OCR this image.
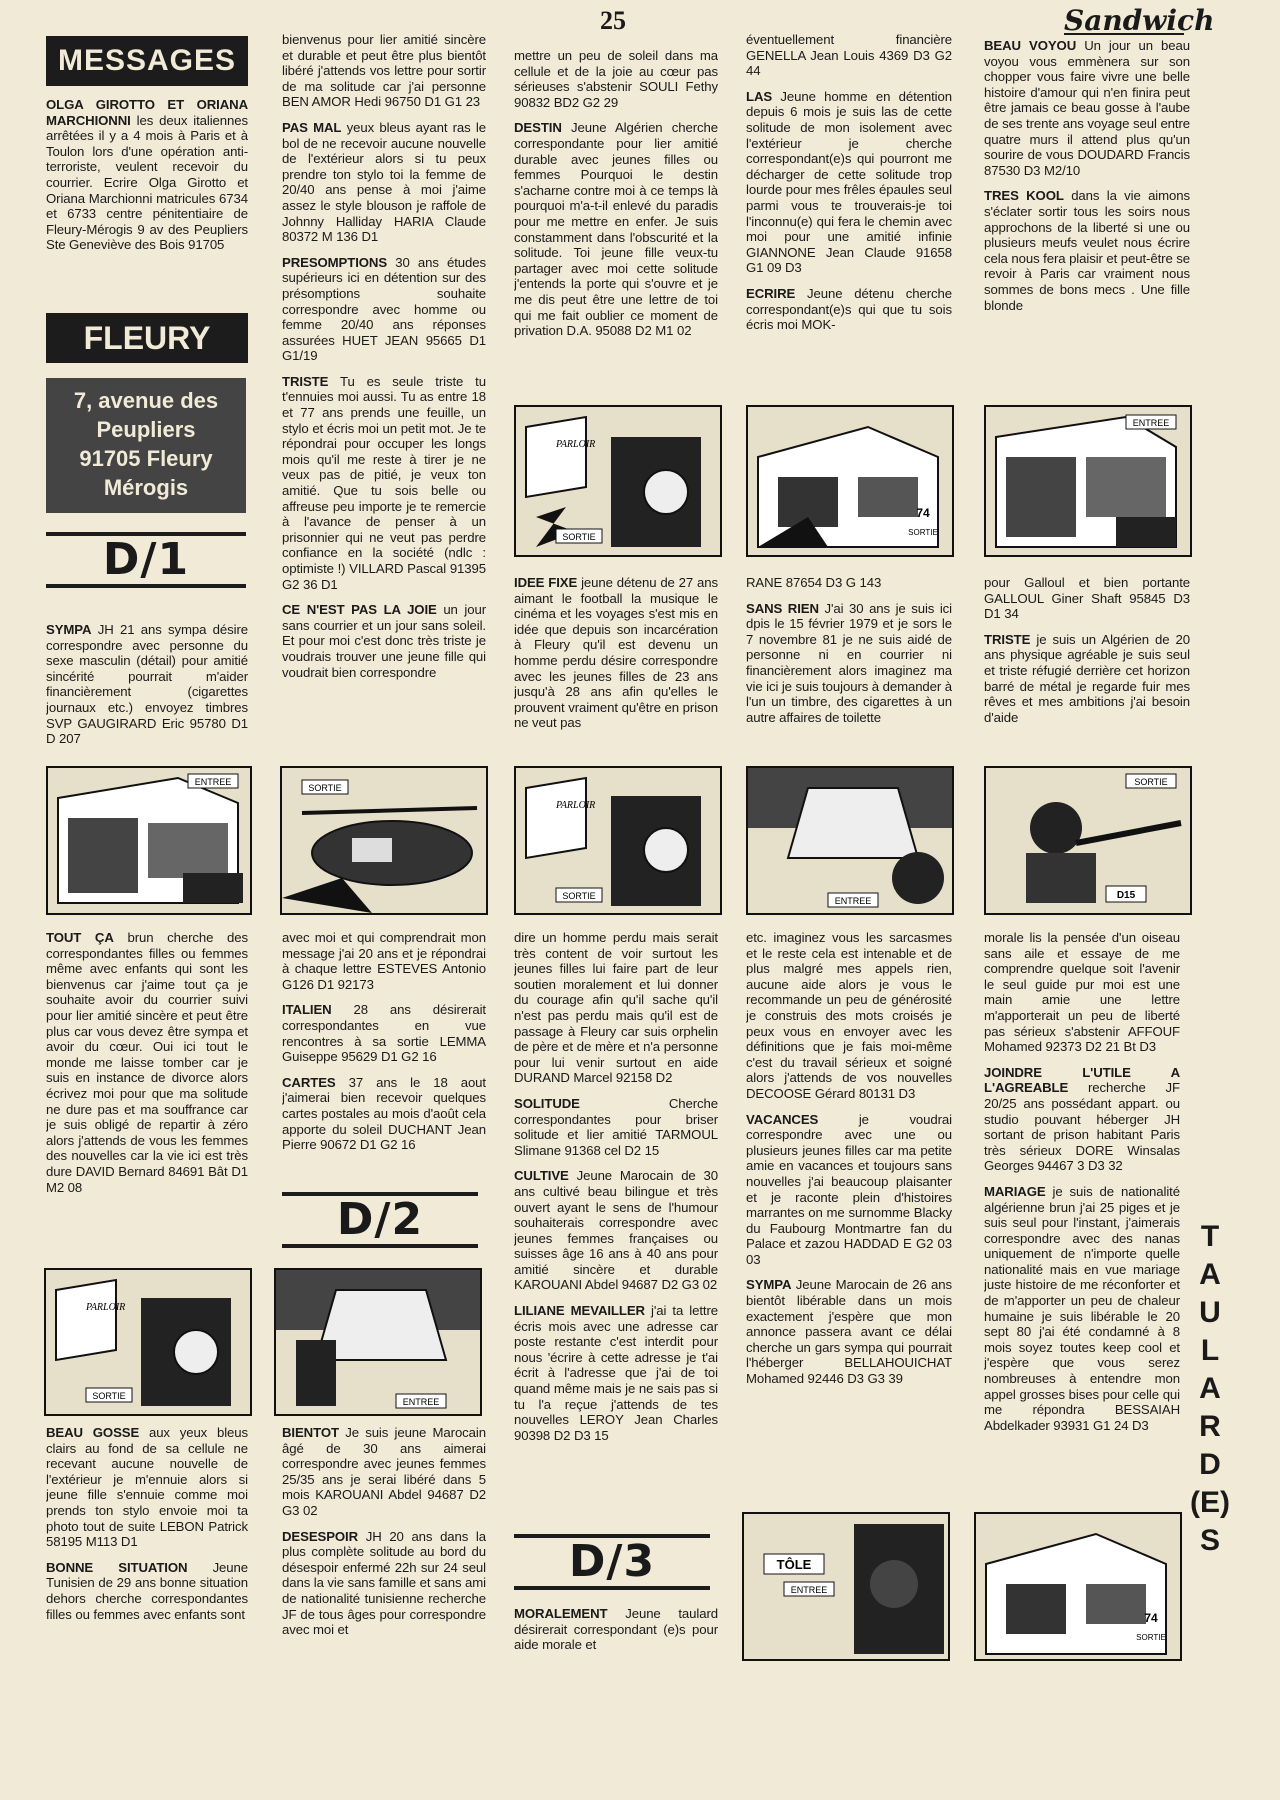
25	Sandwich
MESSAGES

OLGA GIROTTO ET ORIANA MARCHIONNI les deux italiennes arrêtées il y a 4 mois à Paris et à Toulon lors d'une opération anti-terroriste, veulent recevoir du courrier. Ecrire Olga Girotto et Oriana Marchionni matricules 6734 et 6733 centre pénitentiaire de Fleury-Mérogis 9 av des Peupliers Ste Geneviève des Bois 91705

FLEURY
7, avenue des
Peupliers
91705 Fleury
Mérogis
D/1

SYMPA JH 21 ans sympa désire correspondre avec personne du sexe masculin (détail) pour amitié sincérité pourrait m'aider financièrement (cigarettes journaux etc.) envoyez timbres SVP GAUGIRARD Eric 95780 D1 D 207

bienvenus pour lier amitié sincère et durable et peut être plus bientôt libéré j'attends vos lettre pour sortir de ma solitude car j'ai personne BEN AMOR Hedi 96750 D1 G1 23

PAS MAL yeux bleus ayant ras le bol de ne recevoir aucune nouvelle de l'extérieur alors si tu peux prendre ton stylo toi la femme de 20/40 ans pense à moi j'aime assez le style blouson je raffole de Johnny Halliday HARIA Claude 80372 M 136 D1

PRESOMPTIONS 30 ans études supérieurs ici en détention sur des présomptions souhaite correspondre avec homme ou femme 20/40 ans réponses assurées HUET JEAN 95665 D1 G1/19

TRISTE Tu es seule triste tu t'ennuies moi aussi. Tu as entre 18 et 77 ans prends une feuille, un stylo et écris moi un petit mot. Je te répondrai pour occuper les longs mois qu'il me reste à tirer je ne veux pas de pitié, je veux ton amitié. Que tu sois belle ou affreuse peu importe je te remercie à l'avance de penser à un prisonnier qui ne veut pas perdre confiance en la société (ndlc : optimiste !) VILLARD Pascal 91395 G2 36 D1

CE N'EST PAS LA JOIE un jour sans courrier et un jour sans soleil. Et pour moi c'est donc très triste je voudrais trouver une jeune fille qui voudrait bien correspondre

mettre un peu de soleil dans ma cellule et de la joie au cœur pas sérieuses s'abstenir SOULI Fethy 90832 BD2 G2 29

DESTIN Jeune Algérien cherche correspondante pour lier amitié durable avec jeunes filles ou femmes Pourquoi le destin s'acharne contre moi à ce temps là pourquoi m'a-t-il enlevé du paradis pour me mettre en enfer. Je suis constamment dans l'obscurité et la solitude. Toi jeune fille veux-tu partager avec moi cette solitude j'entends la porte qui s'ouvre et je me dis peut être une lettre de toi qui me fait oublier ce moment de privation D.A. 95088 D2 M1 02

éventuellement financière GENELLA Jean Louis 4369 D3 G2 44

LAS Jeune homme en détention depuis 6 mois je suis las de cette solitude de mon isolement avec l'extérieur je cherche correspondant(e)s qui pourront me décharger de cette solitude trop lourde pour mes frêles épaules seul parmi vous te trouverais-je toi l'inconnu(e) qui fera le chemin avec moi pour une amitié infinie GIANNONE Jean Claude 91658 G1 09 D3

ECRIRE Jeune détenu cherche correspondant(e)s qui que tu sois écris moi MOK-

BEAU VOYOU Un jour un beau voyou vous emmènera sur son chopper vous faire vivre une belle histoire d'amour qui n'en finira peut être jamais ce beau gosse à l'aube de ses trente ans voyage seul entre quatre murs il attend plus qu'un sourire de vous DOUDARD Francis 87530 D3 M2/10

TRES KOOL dans la vie aimons s'éclater sortir tous les soirs nous approchons de la liberté si une ou plusieurs meufs veulet nous écrire cela nous fera plaisir et peut-être se revoir à Paris car vraiment nous sommes de bons mecs . Une fille blonde

IDEE FIXE jeune détenu de 27 ans aimant le football la musique le cinéma et les voyages s'est mis en idée que depuis son incarcération à Fleury qu'il est devenu un homme perdu désire correspondre avec les jeunes filles de 23 ans jusqu'à 28 ans afin qu'elles le prouvent vraiment qu'être en prison ne veut pas

RANE 87654 D3 G 143

SANS RIEN J'ai 30 ans je suis ici dpis le 15 février 1979 et je sors le 7 novembre 81 je ne suis aidé de personne ni en courrier ni financièrement alors imaginez ma vie ici je suis toujours à demander à l'un un timbre, des cigarettes à un autre affaires de toilette

pour Galloul et bien portante GALLOUL Giner Shaft 95845 D3 D1 34

TRISTE je suis un Algérien de 20 ans physique agréable je suis seul et triste réfugié derrière cet horizon barré de métal je regarde fuir mes rêves et mes ambitions j'ai besoin d'aide

TOUT ÇA brun cherche des correspondantes filles ou femmes même avec enfants qui sont les bienvenus car j'aime tout ça je souhaite avoir du courrier suivi pour lier amitié sincère et peut être plus car vous devez être sympa et avoir du cœur. Oui ici tout le monde me laisse tomber car je suis en instance de divorce alors écrivez moi pour que ma solitude ne dure pas et ma souffrance car je suis obligé de repartir à zéro alors j'attends de vous les femmes des nouvelles car la vie ici est très dure DAVID Bernard 84691 Bât D1 M2 08

avec moi et qui comprendrait mon message j'ai 20 ans et je répondrai à chaque lettre ESTEVES Antonio G126 D1 92173

ITALIEN 28 ans désirerait correspondantes en vue rencontres à sa sortie LEMMA Guiseppe 95629 D1 G2 16

CARTES 37 ans le 18 aout j'aimerai bien recevoir quelques cartes postales au mois d'août cela apporte du soleil DUCHANT Jean Pierre 90672 D1 G2 16

D/2

dire un homme perdu mais serait très content de voir surtout les jeunes filles lui faire part de leur soutien moralement et lui donner du courage afin qu'il sache qu'il n'est pas perdu mais qu'il est de passage à Fleury car suis orphelin de père et de mère et n'a personne pour lui venir surtout en aide DURAND Marcel 92158 D2

SOLITUDE	Cherche correspondantes pour briser solitude et lier amitié TARMOUL Slimane 91368 cel D2 15

CULTIVE Jeune Marocain de 30 ans cultivé beau bilingue et très ouvert ayant le sens de l'humour souhaiterais correspondre avec jeunes femmes françaises ou suisses âge 16 ans à 40 ans pour amitié sincère et durable KAROUANI Abdel 94687 D2 G3 02

LILIANE MEVAILLER j'ai ta lettre écris mois avec une adresse car poste restante c'est interdit pour nous 'écrire à cette adresse je t'ai écrit à l'adresse que j'ai de toi quand même mais je ne sais pas si tu l'a reçue j'attends de tes nouvelles LEROY Jean Charles 90398 D2 D3 15

D/3

MORALEMENT Jeune taulard désirerait correspondant (e)s pour aide morale et

etc. imaginez vous les sarcasmes et le reste cela est intenable et de plus malgré mes appels rien, aucune aide alors je vous le recommande un peu de générosité je construis des mots croisés je peux vous en envoyer avec les définitions que je fais moi-même c'est du travail sérieux et soigné alors j'attends de vos nouvelles DECOOSE Gérard 80131 D3

VACANCES	je voudrai correspondre avec une ou plusieurs jeunes filles car ma petite amie en vacances et toujours sans nouvelles j'ai beaucoup plaisanter et je raconte plein d'histoires marrantes on me surnomme Blacky du Faubourg Montmartre fan du Palace et zazou HADDAD E G2 03 03

SYMPA Jeune Marocain de 26 ans bientôt libérable dans un mois exactement j'espère que mon annonce passera avant ce délai cherche un gars sympa qui pourrait l'héberger BELLAHOUICHAT Mohamed 92446 D3 G3 39

morale lis la pensée d'un oiseau sans aile et essaye de me comprendre quelque soit l'avenir le seul guide pur moi est une main amie une lettre m'apporterait un peu de liberté pas sérieux s'abstenir AFFOUF Mohamed 92373 D2 21 Bt D3

JOINDRE L'UTILE A L'AGREABLE recherche JF 20/25 ans possédant appart. ou studio pouvant héberger JH sortant de prison habitant Paris très sérieux DORE Winsalas Georges 94467 3 D3 32

MARIAGE je suis de nationalité algérienne brun j'ai 25 piges et je suis seul pour l'instant, j'aimerais correspondre avec des nanas uniquement de n'importe quelle nationalité mais en vue mariage juste histoire de me réconforter et de m'apporter un peu de chaleur humaine je suis libérable le 20 sept 80 j'ai été condamné à 8 mois soyez toutes keep cool et j'espère que vous serez nombreuses à entendre mon appel grosses bises pour celle qui me répondra BESSAIAH Abdelkader 93931 G1 24 D3

BEAU GOSSE aux yeux bleus clairs au fond de sa cellule ne recevant aucune nouvelle de l'extérieur je m'ennuie alors si jeune fille s'ennuie comme moi prends ton stylo envoie moi ta photo tout de suite LEBON Patrick 58195 M113 D1

BONNE SITUATION Jeune Tunisien de 29 ans bonne situation dehors cherche correspondantes filles ou femmes avec enfants sont

BIENTOT Je suis jeune Marocain âgé de 30 ans aimerai correspondre avec jeunes femmes 25/35 ans je serai libéré dans 5 mois KAROUANI Abdel 94687 D2 G3 02

DESESPOIR JH 20 ans dans la plus complète solitude au bord du désespoir enfermé 22h sur 24 seul dans la vie sans famille et sans ami de nationalité tunisienne recherche JF de tous âges pour correspondre avec moi et

T
A
U
L
A
R
D
(E)
S
SORTIE
PARLOIR
74
SORTIE
ENTREE
ENTREE
SORTIE
SORTIE
PARLOIR
ENTREE
SORTIE
D15
SORTIE
PARLOIR
ENTREE
TÔLE
ENTREE
74
SORTIE
